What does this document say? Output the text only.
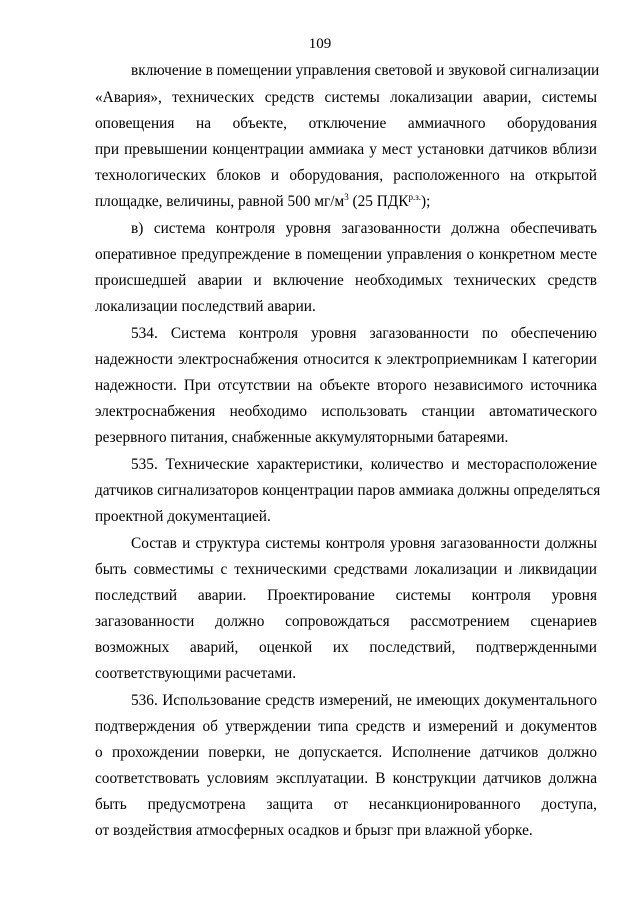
109
включение в помещении управления световой и звуковой сигнализации
«Авария», технических средств системы локализации аварии, системы
оповещения на объекте, отключение аммиачного оборудования
при превышении концентрации аммиака у мест установки датчиков вблизи
технологических блоков и оборудования, расположенного на открытой
площадке, величины, равной 500 $мг/м^3$ (25 $ПДК^{р.з.}$);
в) система контроля уровня загазованности должна обеспечивать
оперативное предупреждение в помещении управления о конкретном месте
происшедшей аварии и включение необходимых технических средств
локализации последствий аварии.
534. Система контроля уровня загазованности по обеспечению
надежности электроснабжения относится к электроприемникам I категории
надежности. При отсутствии на объекте второго независимого источника
электроснабжения необходимо использовать станции автоматического
резервного питания, снабженные аккумуляторными батареями.
535. Технические характеристики, количество и месторасположение
датчиков сигнализаторов концентрации паров аммиака должны определяться
проектной документацией.
Состав и структура системы контроля уровня загазованности должны
быть совместимы с техническими средствами локализации и ликвидации
последствий аварии. Проектирование системы контроля уровня
загазованности должно сопровождаться рассмотрением сценариев
возможных аварий, оценкой их последствий, подтвержденными
соответствующими расчетами.
536. Использование средств измерений, не имеющих документального
подтверждения об утверждении типа средств и измерений и документов
о прохождении поверки, не допускается. Исполнение датчиков должно
соответствовать условиям эксплуатации. В конструкции датчиков должна
быть предусмотрена защита от несанкционированного доступа,
от воздействия атмосферных осадков и брызг при влажной уборке.
